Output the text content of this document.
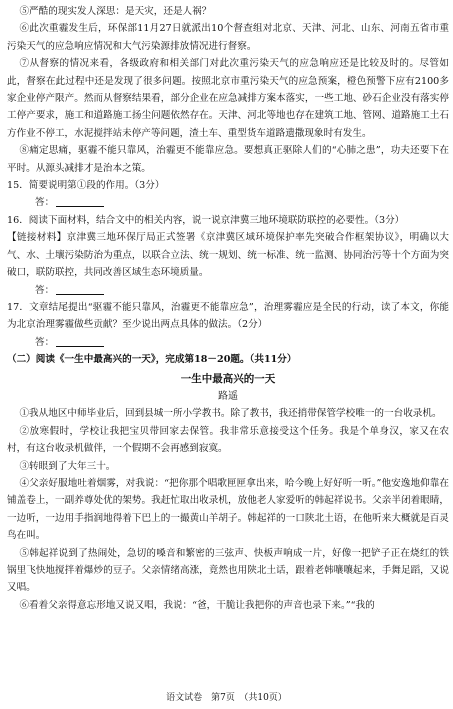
⑤严酷的现实发人深思：是天灾，还是人祸？

⑥此次重霾发生后，环保部11月27日就派出10个督查组对北京、天津、河北、山东、河南五省市重污染天气的应急响应情况和大气污染源排放情况进行督察。

⑦从督察的情况来看，各级政府和相关部门对此次重污染天气的应急响应还是比较及时的。尽管如此，督察在此过程中还是发现了很多问题。按照北京市重污染天气的应急预案，橙色预警下应有2100多家企业停产限产。然而从督察结果看，部分企业在应急减排方案本落实，一些工地、砂石企业没有落实停工停产要求，施工和道路施工扬尘问题依然存在。天津、河北等地也存在建筑工地、管网、道路施工土石方作业不停工，水泥搅拌站未停产等问题，渣土车、重型货车道路遗撒现象时有发生。

⑧痛定思痛，驱霾不能只靠风，治霾更不能靠应急。要想真正驱除人们的“心肺之患”，功夫还要下在平时。从源头减排才是治本之策。

15．简要说明第①段的作用。（3分）

答：

16．阅读下面材料，结合文中的相关内容，说一说京津冀三地环境联防联控的必要性。（3分）

【链接材料】京津冀三地环保厅局正式签署《京津冀区域环境保护率先突破合作框架协议》，明确以大气、水、土壤污染防治为重点，以联合立法、统一规划、统一标准、统一监测、协同治污等十个方面为突破口，联防联控，共同改善区域生态环境质量。

答：

17．文章结尾提出“驱霾不能只靠风，治霾更不能靠应急”，治理雾霾应是全民的行动，读了本文，你能为北京治理雾霾做些贡献？至少说出两点具体的做法。（2分）

答：

（二）阅读《一生中最高兴的一天》，完成第18－20题。（共11分）

一生中最高兴的一天

路遥

①我从地区中师毕业后，回到县城一所小学教书。除了教书，我还捎带保管学校唯一的一台收录机。

②放寒假时，学校让我把宝贝带回家去保管。我非常乐意接受这个任务。我是个单身汉，家又在农村，有这台收录机做伴，一个假期不会再感到寂寞。

③转眼到了大年三十。

④父亲好服地吐着烟雾，对我说：“把你那个唱歌匣匣拿出来，哈今晚上好好听一听。”他安逸地仰靠在铺盖卷上，一副养尊处优的架势。我赶忙取出收录机，放他老人家爱听的韩起祥说书。父亲半闭着眼睛，一边听，一边用手指润地得着下巴上的一撮黄山羊胡子。韩起祥的一口陕北土语，在他听来大概就是百灵鸟在叫。

⑤韩起祥说到了热闹处，急切的嗓音和繁密的三弦声、快板声响成一片，好像一把铲子正在烧红的铁锅里飞快地搅拌着爆炒的豆子。父亲情绪高涨，竟然也用陕北土话，跟着老韩嚷嚷起来，手舞足蹈，又说又唱。

⑥看着父亲得意忘形地又说又唱，我说：“爸，干脆让我把你的声音也录下来。”“我的

语文试卷　第7页　（共10页）
